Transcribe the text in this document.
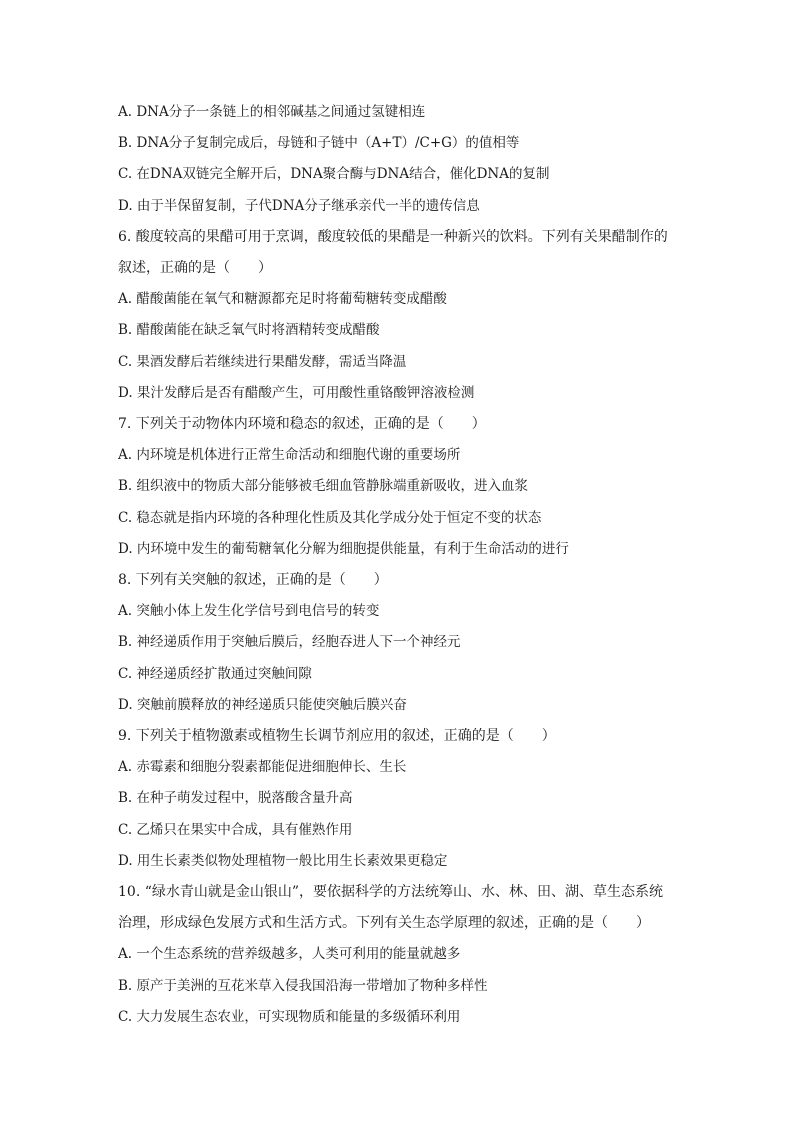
A. DNA分子一条链上的相邻碱基之间通过氢键相连
B. DNA分子复制完成后，母链和子链中（A+T）/C+G）的值相等
C. 在DNA双链完全解开后，DNA聚合酶与DNA结合，催化DNA的复制
D. 由于半保留复制，子代DNA分子继承亲代一半的遗传信息
6. 酸度较高的果醋可用于烹调，酸度较低的果醋是一种新兴的饮料。下列有关果醋制作的
叙述，正确的是（　　）
A. 醋酸菌能在氧气和糖源都充足时将葡萄糖转变成醋酸
B. 醋酸菌能在缺乏氧气时将酒精转变成醋酸
C. 果酒发酵后若继续进行果醋发酵，需适当降温
D. 果汁发酵后是否有醋酸产生，可用酸性重铬酸钾溶液检测
7. 下列关于动物体内环境和稳态的叙述，正确的是（　　）
A. 内环境是机体进行正常生命活动和细胞代谢的重要场所
B. 组织液中的物质大部分能够被毛细血管静脉端重新吸收，进入血浆
C. 稳态就是指内环境的各种理化性质及其化学成分处于恒定不变的状态
D. 内环境中发生的葡萄糖氧化分解为细胞提供能量，有利于生命活动的进行
8. 下列有关突触的叙述，正确的是（　　）
A. 突触小体上发生化学信号到电信号的转变
B. 神经递质作用于突触后膜后，经胞吞进人下一个神经元
C. 神经递质经扩散通过突触间隙
D. 突触前膜释放的神经递质只能使突触后膜兴奋
9. 下列关于植物激素或植物生长调节剂应用的叙述，正确的是（　　）
A. 赤霉素和细胞分裂素都能促进细胞伸长、生长
B. 在种子萌发过程中，脱落酸含量升高
C. 乙烯只在果实中合成，具有催熟作用
D. 用生长素类似物处理植物一般比用生长素效果更稳定
10. “绿水青山就是金山银山”，要依据科学的方法统筹山、水、林、田、湖、草生态系统
治理，形成绿色发展方式和生活方式。下列有关生态学原理的叙述，正确的是（　　）
A. 一个生态系统的营养级越多，人类可利用的能量就越多
B. 原产于美洲的互花米草入侵我国沿海一带增加了物种多样性
C. 大力发展生态农业，可实现物质和能量的多级循环利用
